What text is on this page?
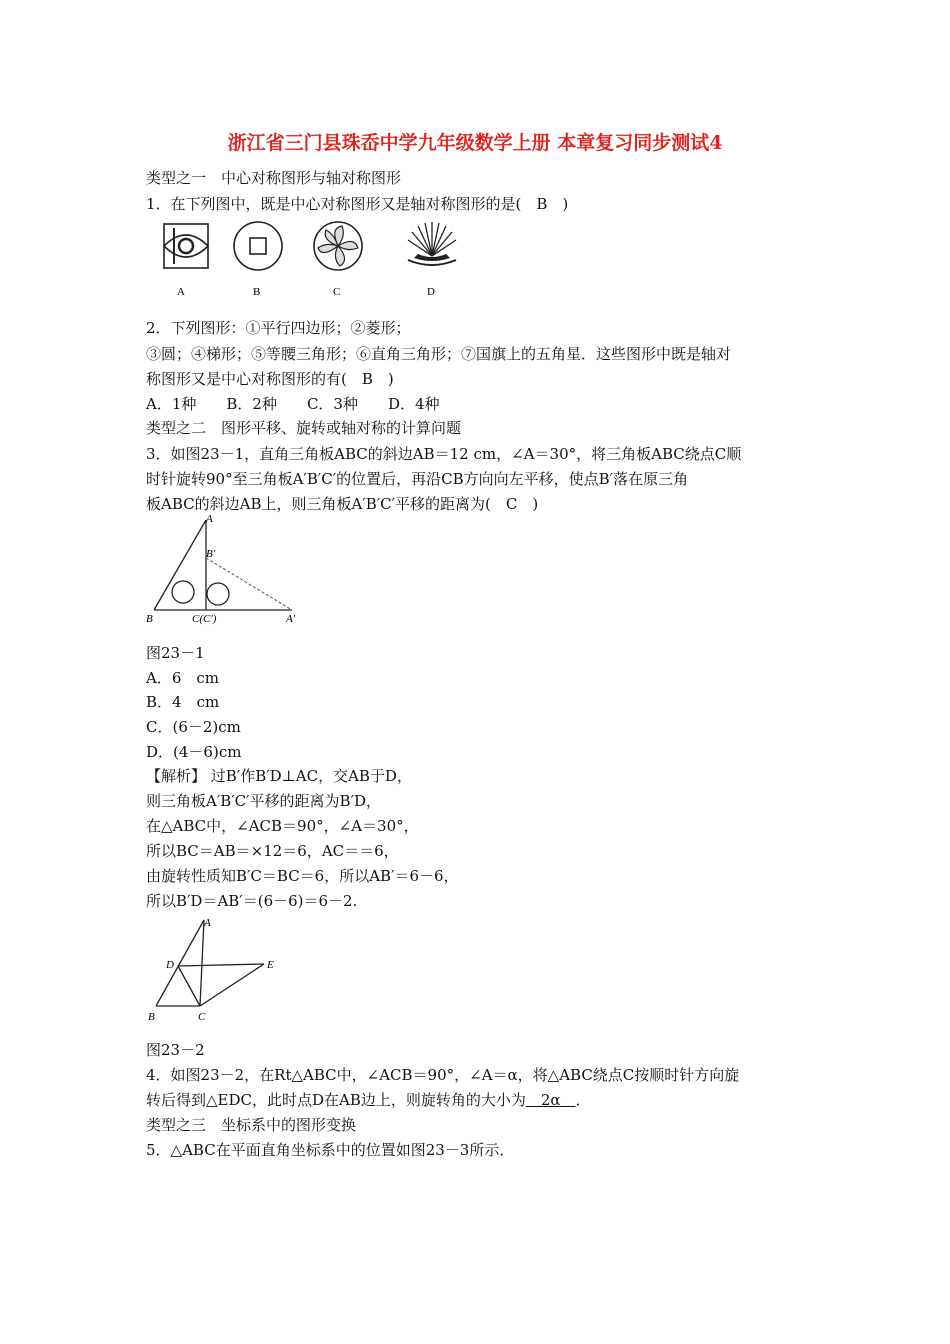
浙江省三门县珠岙中学九年级数学上册 本章复习同步测试4
类型之一　中心对称图形与轴对称图形
1．在下列图中，既是中心对称图形又是轴对称图形的是(　B　)
A	B	C	D
2．下列图形：①平行四边形；②菱形；
③圆；④梯形；⑤等腰三角形；⑥直角三角形；⑦国旗上的五角星．这些图形中既是轴对
称图形又是中心对称图形的有(　B　)
A．1种　　B．2种　　C．3种　　D．4种
类型之二　图形平移、旋转或轴对称的计算问题
3．如图23－1，直角三角板ABC的斜边AB＝12 cm，∠A＝30°，将三角板ABC绕点C顺
时针旋转90°至三角板A′B′C′的位置后，再沿CB方向向左平移，使点B′落在原三角
板ABC的斜边AB上，则三角板A′B′C′平移的距离为(　C　)
A
B′
B	C(C′)	A′
图23－1
A．6　cm
B．4　cm
C．(6－2)cm
D．(4－6)cm
【解析】 过B′作B′D⊥AC，交AB于D，
则三角板A′B′C′平移的距离为B′D，
在△ABC中，∠ACB＝90°，∠A＝30°，
所以BC＝AB＝×12＝6，AC＝＝6，
由旋转性质知B′C＝BC＝6，所以AB′＝6－6，
所以B′D＝AB′＝(6－6)＝6－2.
A
D	E
B	C
图23－2
4．如图23－2，在Rt△ABC中，∠ACB＝90°，∠A＝α，将△ABC绕点C按顺时针方向旋
转后得到△EDC，此时点D在AB边上，则旋转角的大小为　2α　．
类型之三　坐标系中的图形变换
5．△ABC在平面直角坐标系中的位置如图23－3所示．
